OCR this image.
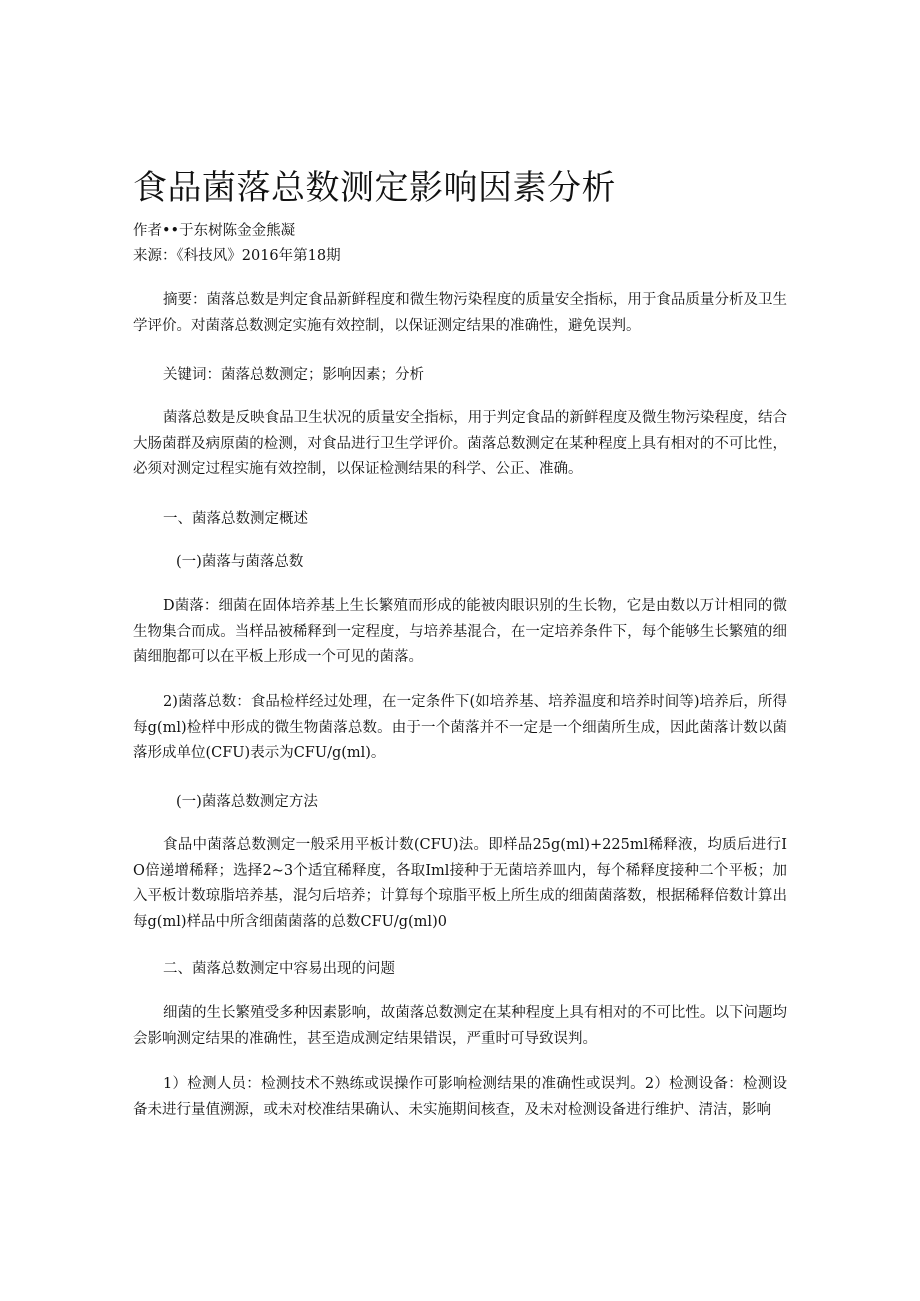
食品菌落总数测定影响因素分析

作者••于东树陈金金熊凝

来源：《科技风》2016年第18期

摘要：菌落总数是判定食品新鲜程度和微生物污染程度的质量安全指标，用于食品质量分析及卫生学评价。对菌落总数测定实施有效控制，以保证测定结果的准确性，避免误判。

关键词：菌落总数测定；影响因素；分析

菌落总数是反映食品卫生状况的质量安全指标，用于判定食品的新鲜程度及微生物污染程度，结合大肠菌群及病原菌的检测，对食品进行卫生学评价。菌落总数测定在某种程度上具有相对的不可比性，必须对测定过程实施有效控制，以保证检测结果的科学、公正、准确。

一、菌落总数测定概述

(一)菌落与菌落总数

D菌落：细菌在固体培养基上生长繁殖而形成的能被肉眼识别的生长物，它是由数以万计相同的微生物集合而成。当样品被稀释到一定程度，与培养基混合，在一定培养条件下，每个能够生长繁殖的细菌细胞都可以在平板上形成一个可见的菌落。

2)菌落总数：食品检样经过处理，在一定条件下(如培养基、培养温度和培养时间等)培养后，所得每g(ml)检样中形成的微生物菌落总数。由于一个菌落并不一定是一个细菌所生成，因此菌落计数以菌落形成单位(CFU)表示为CFU/g(ml)。

(一)菌落总数测定方法

食品中菌落总数测定一般采用平板计数(CFU)法。即样品25g(ml)+225ml稀释液，均质后进行IO倍递增稀释；选择2~3个适宜稀释度，各取Iml接种于无菌培养皿内，每个稀释度接种二个平板；加入平板计数琼脂培养基，混匀后培养；计算每个琼脂平板上所生成的细菌菌落数，根据稀释倍数计算出每g(ml)样品中所含细菌菌落的总数CFU/g(ml)0

二、菌落总数测定中容易出现的问题

细菌的生长繁殖受多种因素影响，故菌落总数测定在某种程度上具有相对的不可比性。以下问题均会影响测定结果的准确性，甚至造成测定结果错误，严重时可导致误判。

1）检测人员：检测技术不熟练或误操作可影响检测结果的准确性或误判。2）检测设备：检测设备未进行量值溯源，或未对校准结果确认、未实施期间核查，及未对检测设备进行维护、清洁，影响
